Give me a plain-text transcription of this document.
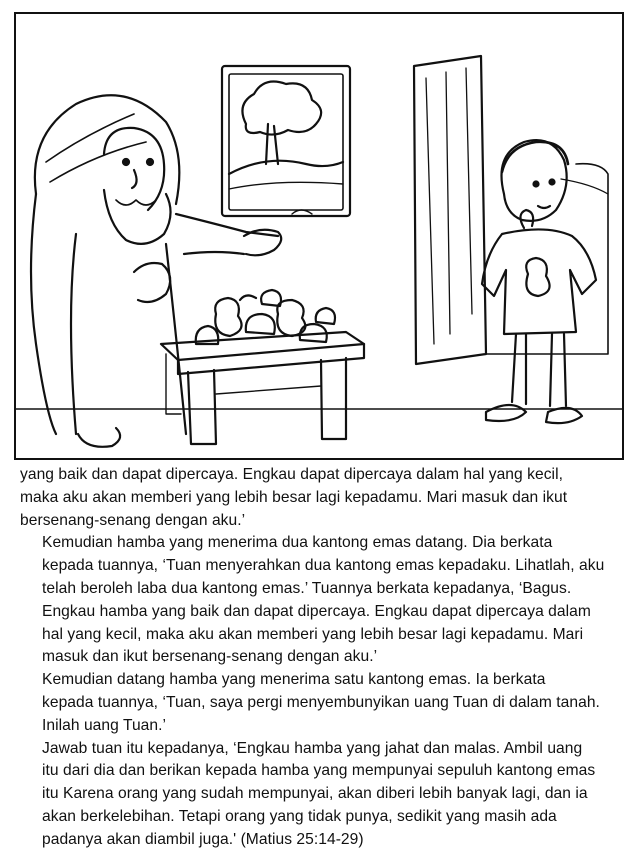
yang baik dan dapat dipercaya. Engkau dapat dipercaya dalam hal yang kecil,
maka aku akan memberi yang lebih besar lagi kepadamu. Mari masuk dan ikut
bersenang-senang dengan aku.’

Kemudian hamba yang menerima dua kantong emas datang. Dia berkata
kepada tuannya, ‘Tuan menyerahkan dua kantong emas kepadaku. Lihatlah, aku
telah beroleh laba dua kantong emas.’ Tuannya berkata kepadanya, ‘Bagus.
Engkau hamba yang baik dan dapat dipercaya. Engkau dapat dipercaya dalam
hal yang kecil, maka aku akan memberi yang lebih besar lagi kepadamu. Mari
masuk dan ikut bersenang-senang dengan aku.’

Kemudian datang hamba yang menerima satu kantong emas. Ia berkata
kepada tuannya, ‘Tuan, saya pergi menyembunyikan uang Tuan di dalam tanah.
Inilah uang Tuan.’

Jawab tuan itu kepadanya, ‘Engkau hamba yang jahat dan malas. Ambil uang
itu dari dia dan berikan kepada hamba yang mempunyai sepuluh kantong emas
itu Karena orang yang sudah mempunyai, akan diberi lebih banyak lagi, dan ia
akan berkelebihan. Tetapi orang yang tidak punya, sedikit yang masih ada
padanya akan diambil juga.' (Matius 25:14-29)
